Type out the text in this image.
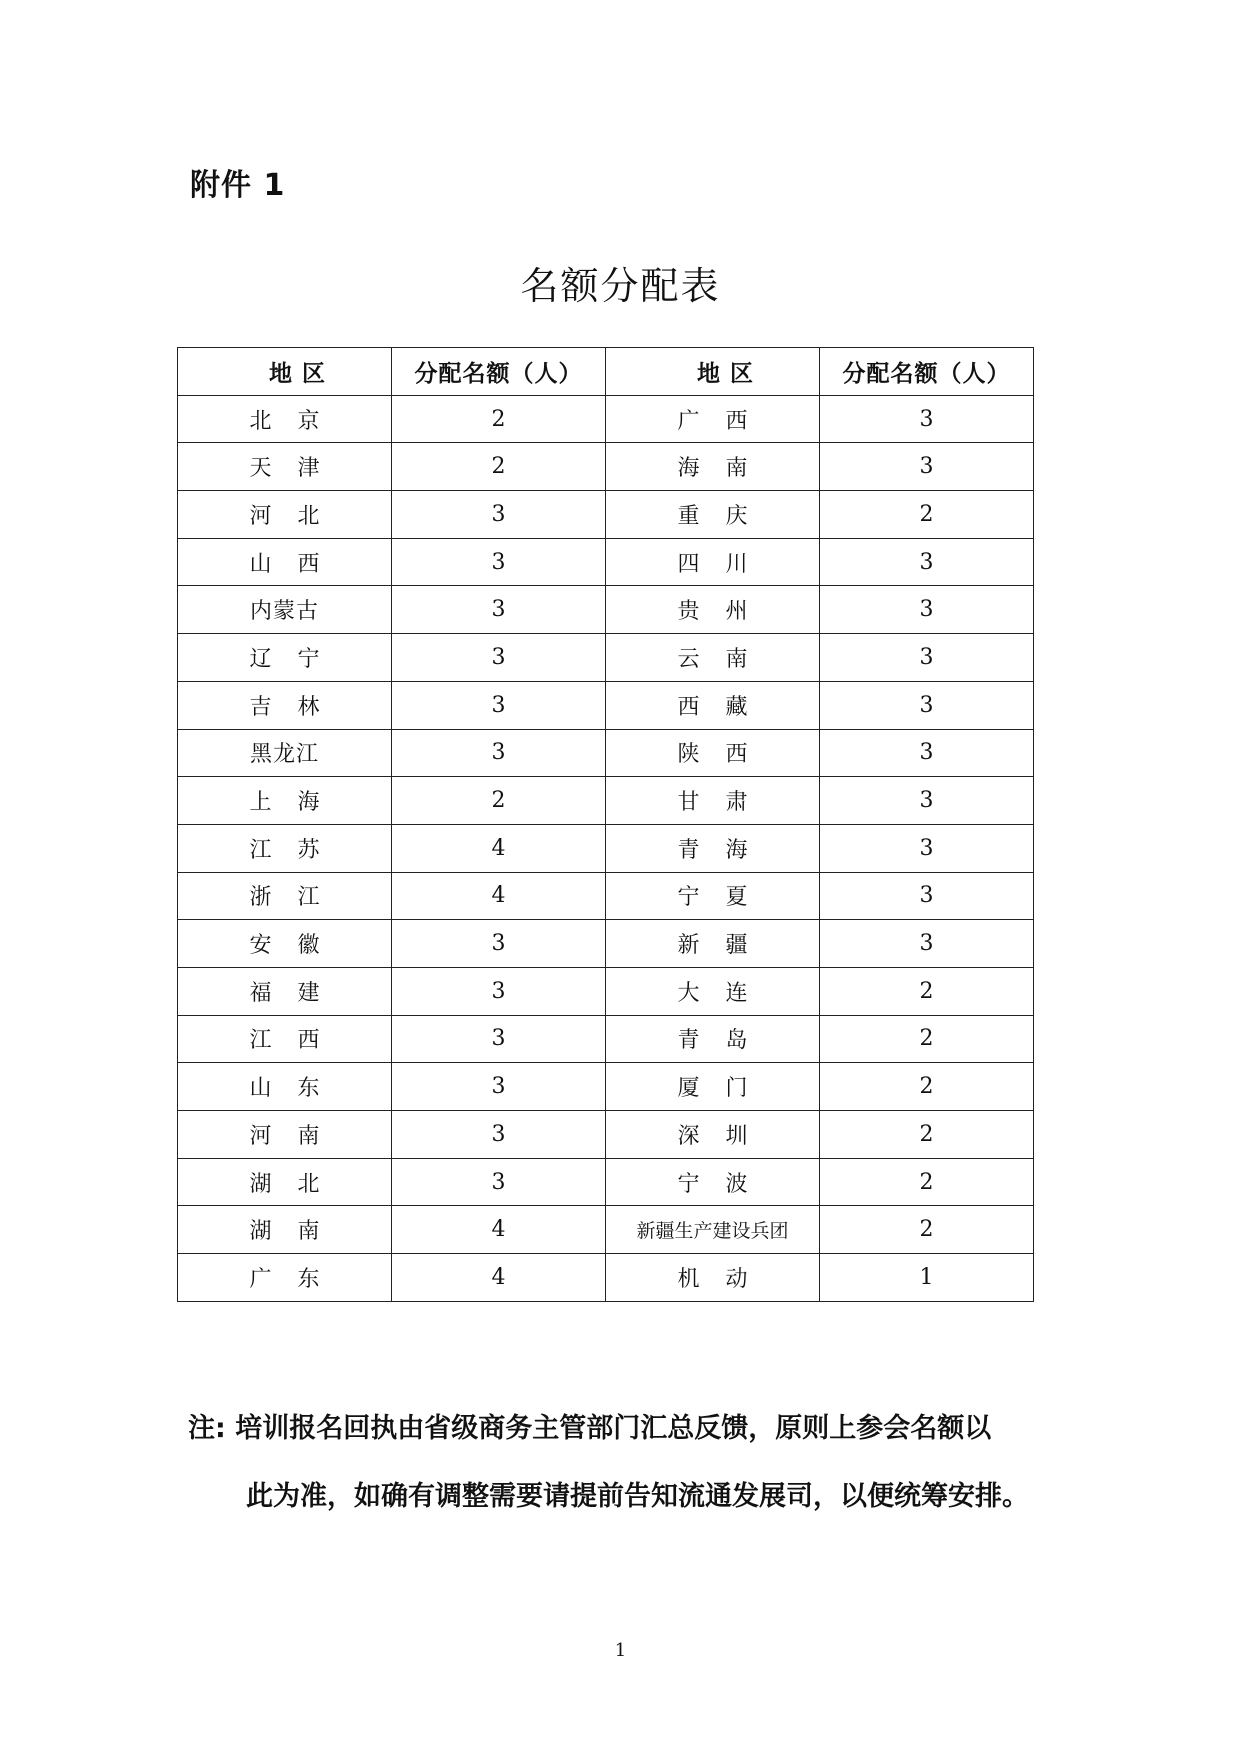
附件 1
名额分配表
地 区	分配名额（人）	地 区	分配名额（人）
北京	2	广西	3
天津	2	海南	3
河北	3	重庆	2
山西	3	四川	3
内蒙古	3	贵州	3
辽宁	3	云南	3
吉林	3	西藏	3
黑龙江	3	陕西	3
上海	2	甘肃	3
江苏	4	青海	3
浙江	4	宁夏	3
安徽	3	新疆	3
福建	3	大连	2
江西	3	青岛	2
山东	3	厦门	2
河南	3	深圳	2
湖北	3	宁波	2
湖南	4	新疆生产建设兵团	2
广东	4	机动	1
注: 培训报名回执由省级商务主管部门汇总反馈，原则上参会名额以
此为准，如确有调整需要请提前告知流通发展司，以便统筹安排。
1
